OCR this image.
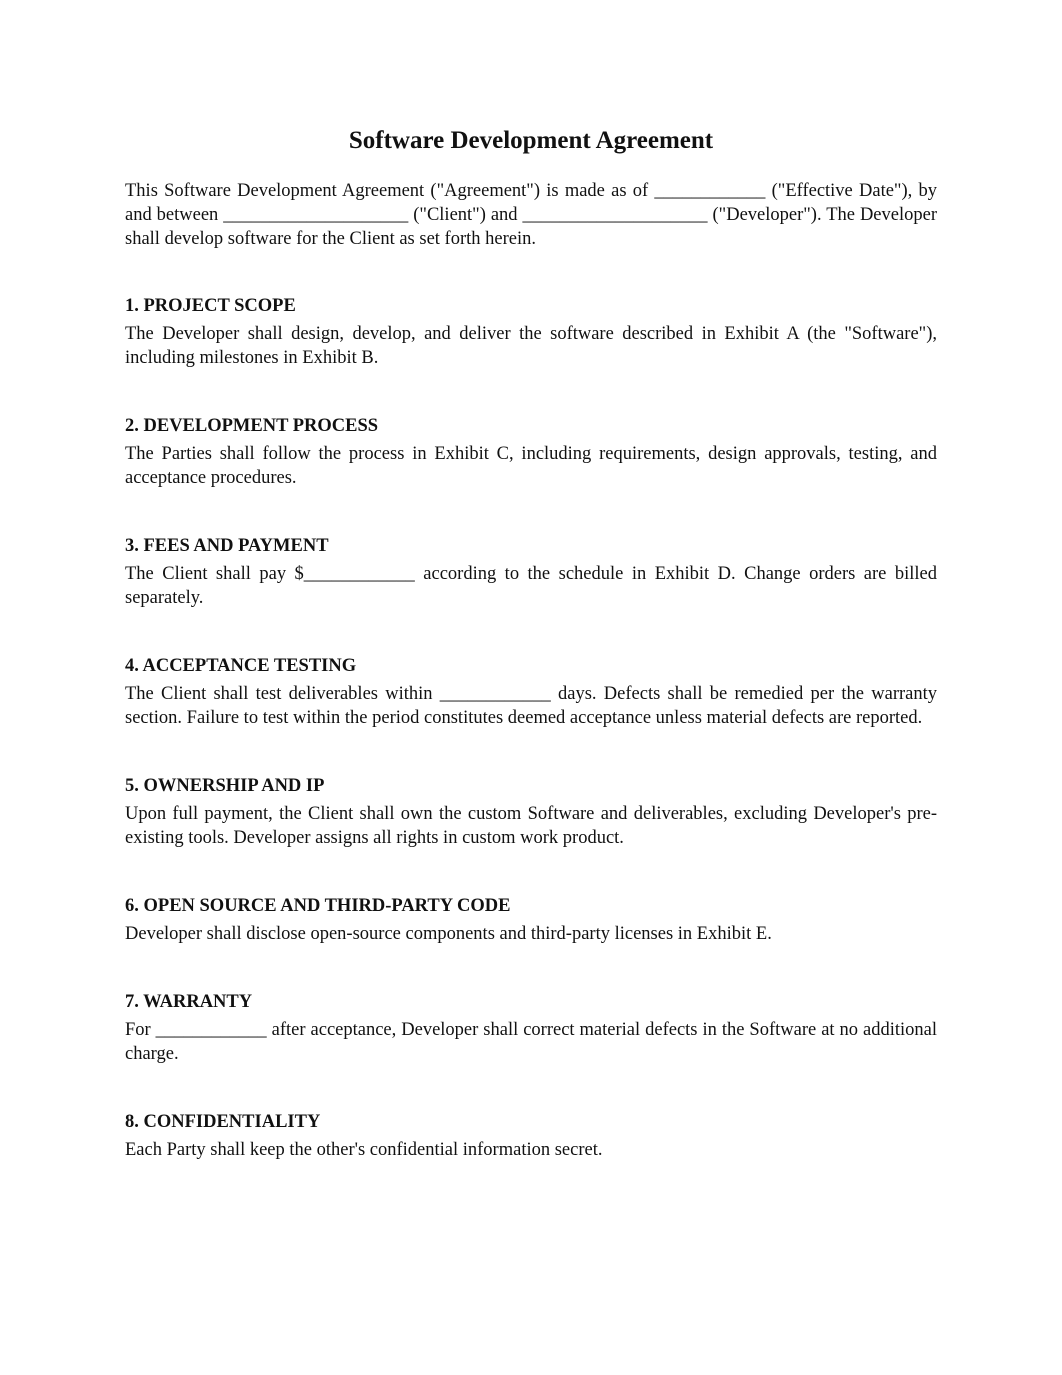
Software Development Agreement

This Software Development Agreement ("Agreement") is made as of ____________ ("Effective Date"), by and between ____________________ ("Client") and ____________________ ("Developer"). The Developer shall develop software for the Client as set forth herein.

1. PROJECT SCOPE

The Developer shall design, develop, and deliver the software described in Exhibit A (the "Software"), including milestones in Exhibit B.

2. DEVELOPMENT PROCESS

The Parties shall follow the process in Exhibit C, including requirements, design approvals, testing, and acceptance procedures.

3. FEES AND PAYMENT

The Client shall pay $____________ according to the schedule in Exhibit D. Change orders are billed separately.

4. ACCEPTANCE TESTING

The Client shall test deliverables within ____________ days. Defects shall be remedied per the warranty section. Failure to test within the period constitutes deemed acceptance unless material defects are reported.

5. OWNERSHIP AND IP

Upon full payment, the Client shall own the custom Software and deliverables, excluding Developer's pre-existing tools. Developer assigns all rights in custom work product.

6. OPEN SOURCE AND THIRD-PARTY CODE

Developer shall disclose open-source components and third-party licenses in Exhibit E.

7. WARRANTY

For ____________ after acceptance, Developer shall correct material defects in the Software at no additional charge.

8. CONFIDENTIALITY

Each Party shall keep the other's confidential information secret.
